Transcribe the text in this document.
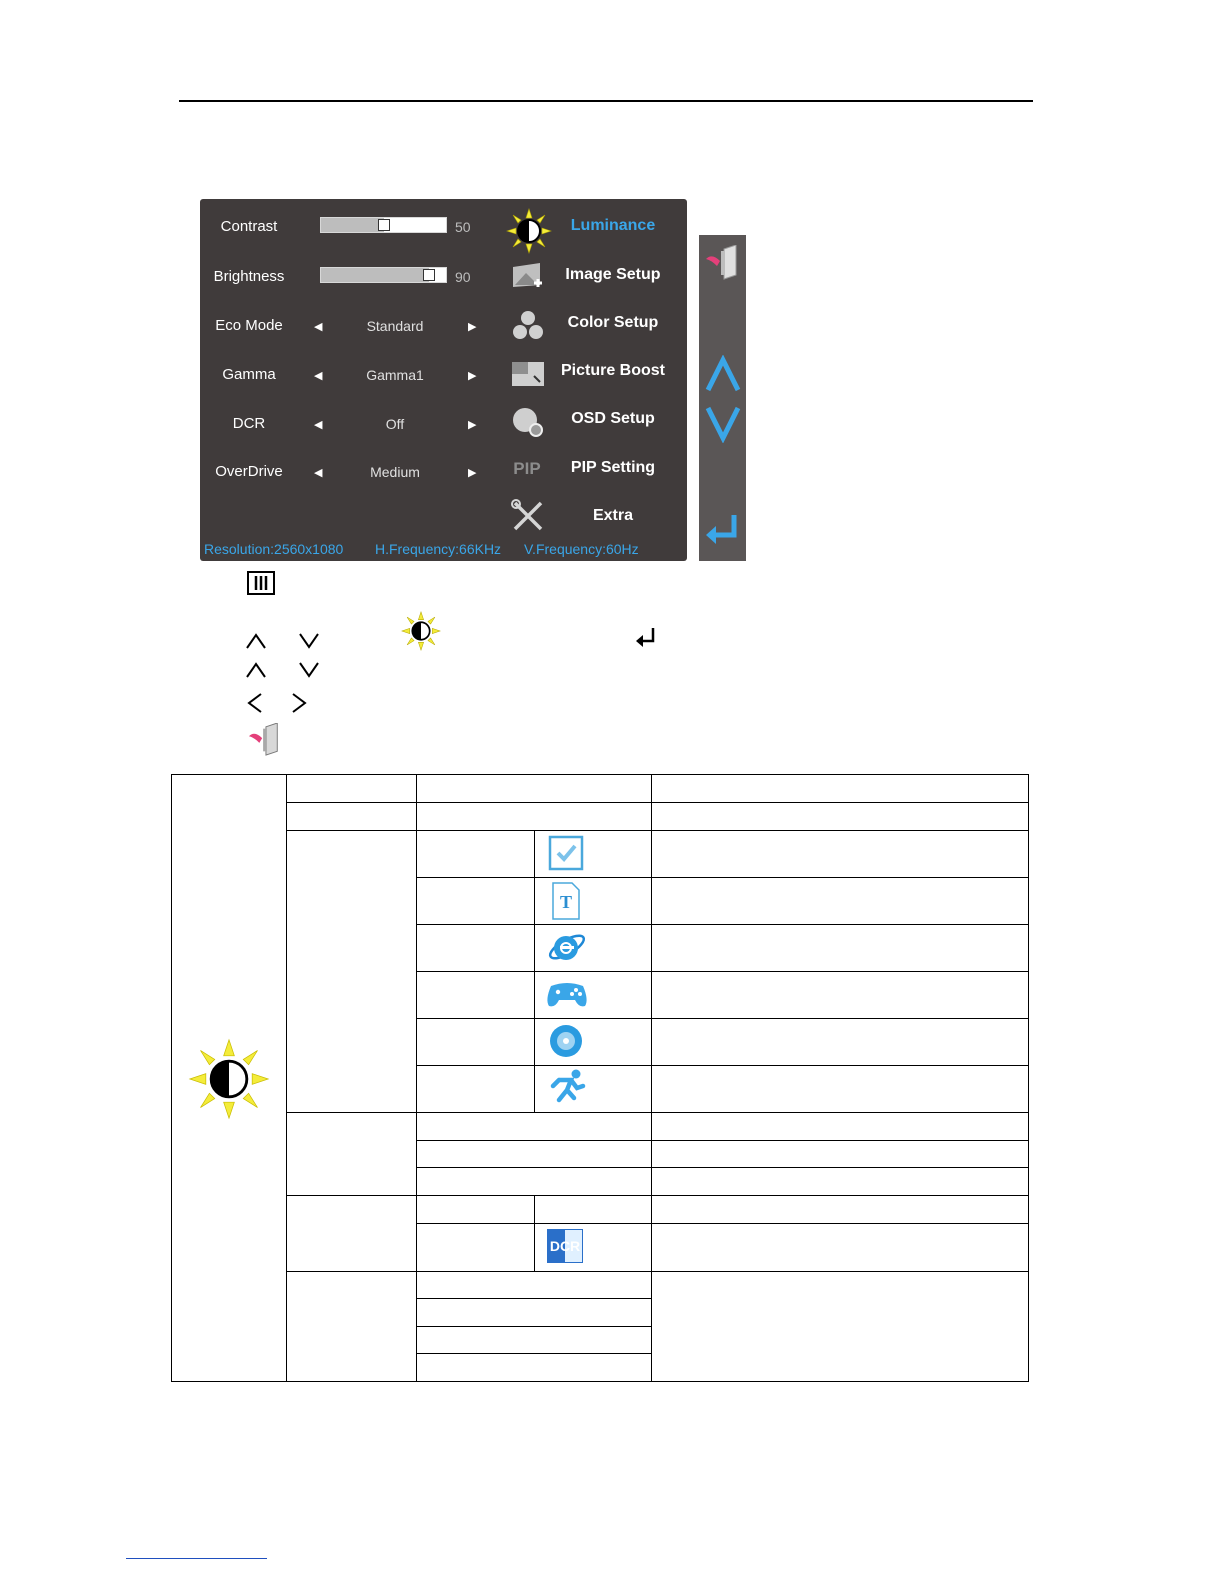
Contrast	50
Brightness	90
Eco Mode	◀	Standard	▶
Gamma	◀	Gamma1	▶
DCR	◀	Off	▶
OverDrive	◀	Medium	▶
Luminance
Image Setup
Color Setup
Picture Boost
OSD Setup
PIP	PIP Setting
Extra
Resolution:2560x1080 H.Frequency:66KHz V.Frequency:60Hz
T
DCR
